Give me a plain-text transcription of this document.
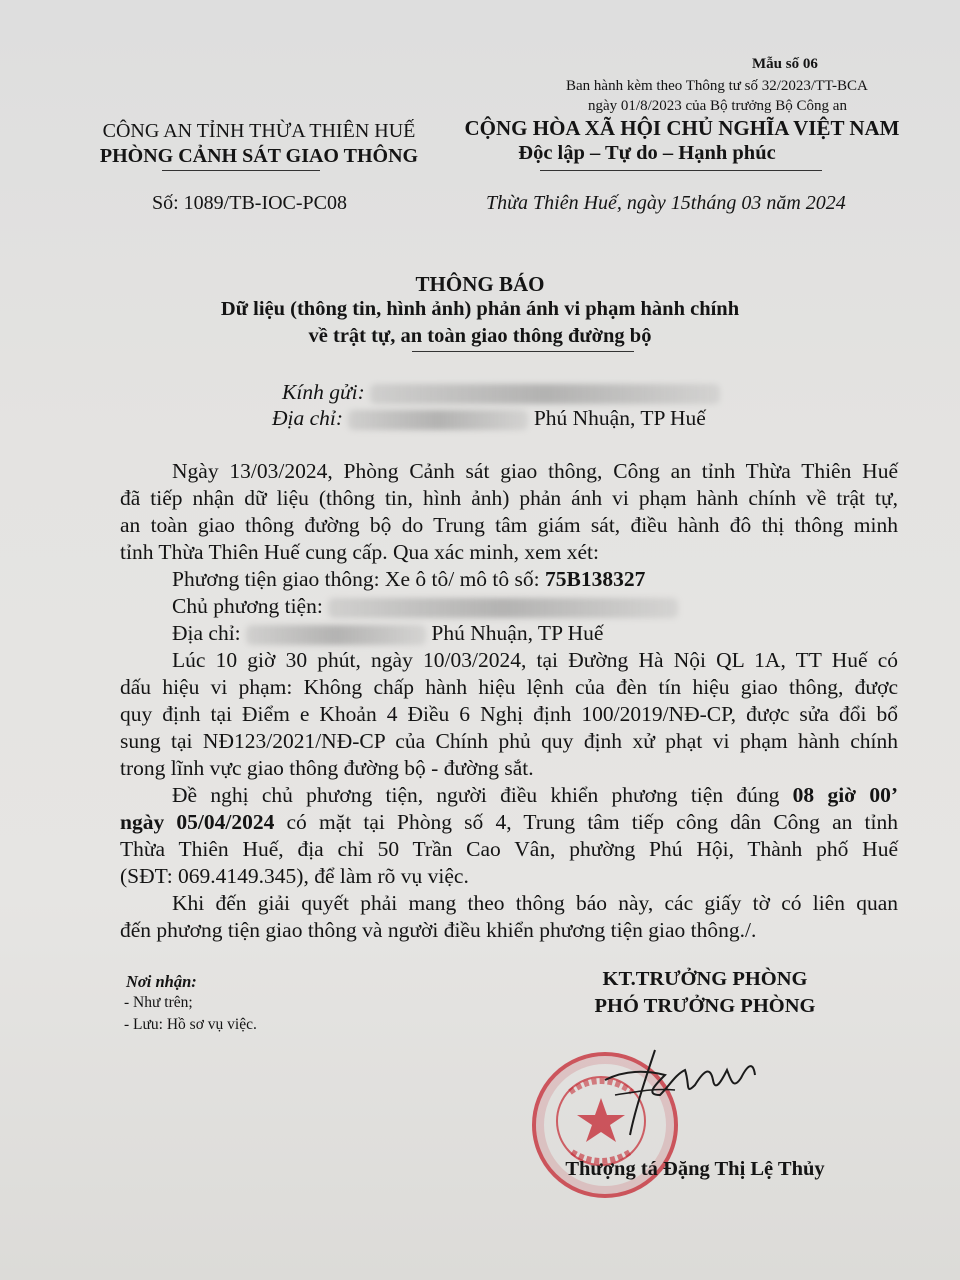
Mẫu số 06
Ban hành kèm theo Thông tư số 32/2023/TT-BCA
ngày 01/8/2023 của Bộ trưởng Bộ Công an
CÔNG AN TỈNH THỪA THIÊN HUẾ
PHÒNG CẢNH SÁT GIAO THÔNG
Số: 1089/TB-IOC-PC08
CỘNG HÒA XÃ HỘI CHỦ NGHĨA VIỆT NAM
Độc lập – Tự do – Hạnh phúc
Thừa Thiên Huế, ngày 15tháng 03 năm 2024
THÔNG BÁO
Dữ liệu (thông tin, hình ảnh) phản ánh vi phạm hành chính
về trật tự, an toàn giao thông đường bộ
Kính gửi:
Địa chỉ:	Phú Nhuận, TP Huế
Ngày 13/03/2024, Phòng Cảnh sát giao thông, Công an tỉnh Thừa Thiên Huế
đã tiếp nhận dữ liệu (thông tin, hình ảnh) phản ánh vi phạm hành chính về trật tự,
an toàn giao thông đường bộ do Trung tâm giám sát, điều hành đô thị thông minh
tỉnh Thừa Thiên Huế cung cấp. Qua xác minh, xem xét:
Phương tiện giao thông: Xe ô tô/ mô tô số: 75B138327
Chủ phương tiện:
Địa chỉ:	Phú Nhuận, TP Huế
Lúc 10 giờ 30 phút, ngày 10/03/2024, tại Đường Hà Nội QL 1A, TT Huế có
dấu hiệu vi phạm: Không chấp hành hiệu lệnh của đèn tín hiệu giao thông, được
quy định tại Điểm e Khoản 4 Điều 6 Nghị định 100/2019/NĐ-CP, được sửa đổi bổ
sung tại NĐ123/2021/NĐ-CP của Chính phủ quy định xử phạt vi phạm hành chính
trong lĩnh vực giao thông đường bộ - đường sắt.
Đề nghị chủ phương tiện, người điều khiển phương tiện đúng 08 giờ 00’
ngày 05/04/2024 có mặt tại Phòng số 4, Trung tâm tiếp công dân Công an tỉnh
Thừa Thiên Huế, địa chỉ 50 Trần Cao Vân, phường Phú Hội, Thành phố Huế
(SĐT: 069.4149.345), để làm rõ vụ việc.
Khi đến giải quyết phải mang theo thông báo này, các giấy tờ có liên quan
đến phương tiện giao thông và người điều khiển phương tiện giao thông./.
Nơi nhận:
- Như trên;
- Lưu: Hồ sơ vụ việc.
KT.TRƯỞNG PHÒNG
PHÓ TRƯỞNG PHÒNG
Thượng tá Đặng Thị Lệ Thủy
